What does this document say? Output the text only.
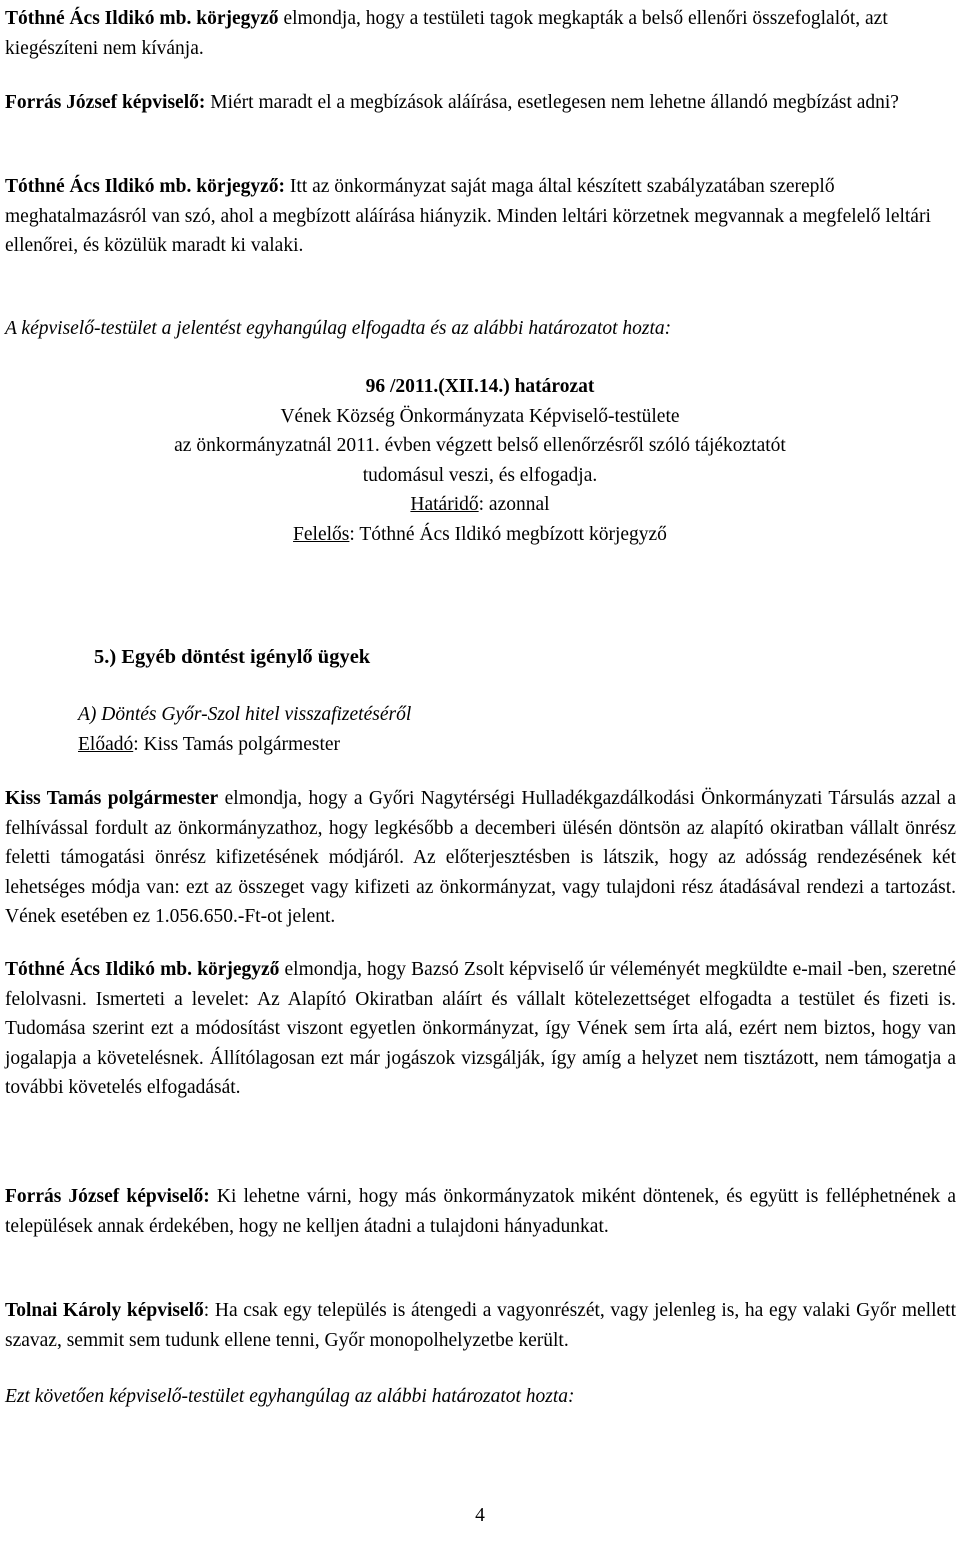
Tóthné Ács Ildikó mb. körjegyző elmondja, hogy a testületi tagok megkapták a belső ellenőri összefoglalót, azt kiegészíteni nem kívánja.

Forrás József képviselő: Miért maradt el a megbízások aláírása, esetlegesen nem lehetne állandó megbízást adni?

Tóthné Ács Ildikó mb. körjegyző: Itt az önkormányzat saját maga által készített szabályzatában szereplő meghatalmazásról van szó, ahol a megbízott aláírása hiányzik. Minden leltári körzetnek megvannak a megfelelő leltári ellenőrei, és közülük maradt ki valaki.

A képviselő-testület a jelentést egyhangúlag elfogadta és az alábbi határozatot hozta:

96 /2011.(XII.14.) határozat
Vének Község Önkormányzata Képviselő-testülete
az önkormányzatnál 2011. évben végzett belső ellenőrzésről szóló tájékoztatót
tudomásul veszi, és elfogadja.
Határidő: azonnal
Felelős: Tóthné Ács Ildikó megbízott körjegyző

5.) Egyéb döntést igénylő ügyek

A) Döntés Győr-Szol hitel visszafizetéséről
Előadó: Kiss Tamás polgármester

Kiss Tamás polgármester elmondja, hogy a Győri Nagytérségi Hulladékgazdálkodási Önkormányzati Társulás azzal a felhívással fordult az önkormányzathoz, hogy legkésőbb a decemberi ülésén döntsön az alapító okiratban vállalt önrész feletti támogatási önrész kifizetésének módjáról. Az előterjesztésben is látszik, hogy az adósság rendezésének két lehetséges módja van: ezt az összeget vagy kifizeti az önkormányzat, vagy tulajdoni rész átadásával rendezi a tartozást. Vének esetében ez 1.056.650.-Ft-ot jelent.

Tóthné Ács Ildikó mb. körjegyző elmondja, hogy Bazsó Zsolt képviselő úr véleményét megküldte e-mail -ben, szeretné felolvasni. Ismerteti a levelet: Az Alapító Okiratban aláírt és vállalt kötelezettséget elfogadta a testület és fizeti is. Tudomása szerint ezt a módosítást viszont egyetlen önkormányzat, így Vének sem írta alá, ezért nem biztos, hogy van jogalapja a követelésnek. Állítólagosan ezt már jogászok vizsgálják, így amíg a helyzet nem tisztázott, nem támogatja a további követelés elfogadását.

Forrás József képviselő: Ki lehetne várni, hogy más önkormányzatok miként döntenek, és együtt is felléphetnének a települések annak érdekében, hogy ne kelljen átadni a tulajdoni hányadunkat.

Tolnai Károly képviselő: Ha csak egy település is átengedi a vagyonrészét, vagy jelenleg is, ha egy valaki Győr mellett szavaz, semmit sem tudunk ellene tenni, Győr monopolhelyzetbe került.

Ezt követően képviselő-testület egyhangúlag az alábbi határozatot hozta:

4
